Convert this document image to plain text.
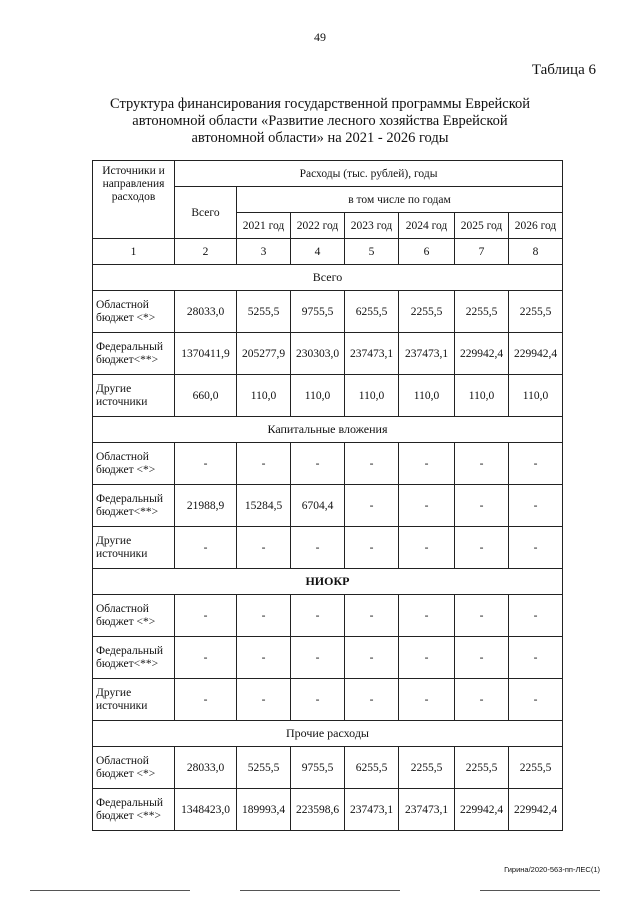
49
Таблица 6
Структура финансирования государственной программы Еврейской
автономной области «Развитие лесного хозяйства Еврейской
автономной области» на 2021 - 2026 годы
Источники и направления расходов	Расходы (тыс. рублей), годы						
	Всего	в том числе по годам					
		2021 год	2022 год	2023 год	2024 год	2025 год	2026 год
1	2	3	4	5	6	7	8
Всего							
Областной бюджет <*>	28033,0	5255,5	9755,5	6255,5	2255,5	2255,5	2255,5
Федеральный бюджет<**>	1370411,9	205277,9	230303,0	237473,1	237473,1	229942,4	229942,4
Другие источники	660,0	110,0	110,0	110,0	110,0	110,0	110,0
Капитальные вложения							
Областной бюджет <*>	-	-	-	-	-	-	-
Федеральный бюджет<**>	21988,9	15284,5	6704,4	-	-	-	-
Другие источники	-	-	-	-	-	-	-
НИОКР							
Областной бюджет <*>	-	-	-	-	-	-	-
Федеральный бюджет<**>	-	-	-	-	-	-	-
Другие источники	-	-	-	-	-	-	-
Прочие расходы							
Областной бюджет <*>	28033,0	5255,5	9755,5	6255,5	2255,5	2255,5	2255,5
Федеральный бюджет <**>	1348423,0	189993,4	223598,6	237473,1	237473,1	229942,4	229942,4
Гирина/2020-563-пп-ЛЕС(1)
